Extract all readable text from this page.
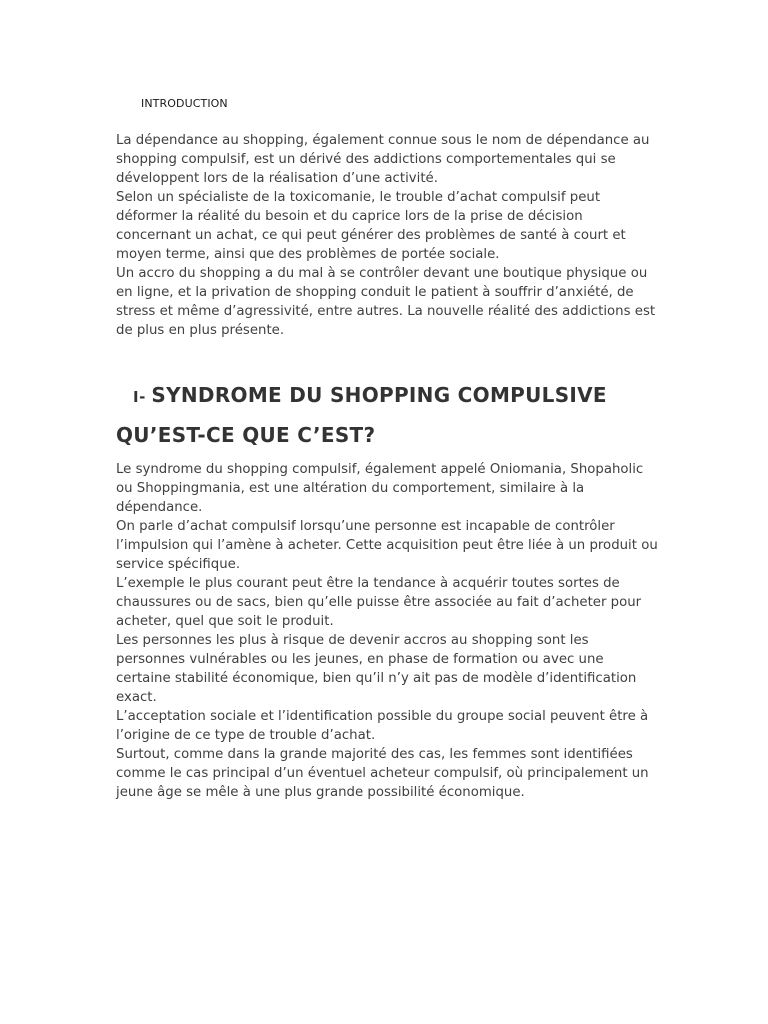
INTRODUCTION

La dépendance au shopping, également connue sous le nom de dépendance au shopping compulsif, est un dérivé des addictions comportementales qui se développent lors de la réalisation d’une activité.

Selon un spécialiste de la toxicomanie, le trouble d’achat compulsif peut déformer la réalité du besoin et du caprice lors de la prise de décision concernant un achat, ce qui peut générer des problèmes de santé à court et moyen terme, ainsi que des problèmes de portée sociale.

Un accro du shopping a du mal à se contrôler devant une boutique physique ou en ligne, et la privation de shopping conduit le patient à souffrir d’anxiété, de stress et même d’agressivité, entre autres. La nouvelle réalité des addictions est de plus en plus présente.

I- SYNDROME DU SHOPPING COMPULSIVE
QU’EST-CE QUE C’EST?

Le syndrome du shopping compulsif, également appelé Oniomania, Shopaholic ou Shoppingmania, est une altération du comportement, similaire à la dépendance.

On parle d’achat compulsif lorsqu’une personne est incapable de contrôler l’impulsion qui l’amène à acheter. Cette acquisition peut être liée à un produit ou service spécifique.

L’exemple le plus courant peut être la tendance à acquérir toutes sortes de chaussures ou de sacs, bien qu’elle puisse être associée au fait d’acheter pour acheter, quel que soit le produit.

Les personnes les plus à risque de devenir accros au shopping sont les personnes vulnérables ou les jeunes, en phase de formation ou avec une certaine stabilité économique, bien qu’il n’y ait pas de modèle d’identification exact.

L’acceptation sociale et l’identification possible du groupe social peuvent être à l’origine de ce type de trouble d’achat.

Surtout, comme dans la grande majorité des cas, les femmes sont identifiées comme le cas principal d’un éventuel acheteur compulsif, où principalement un jeune âge se mêle à une plus grande possibilité économique.
